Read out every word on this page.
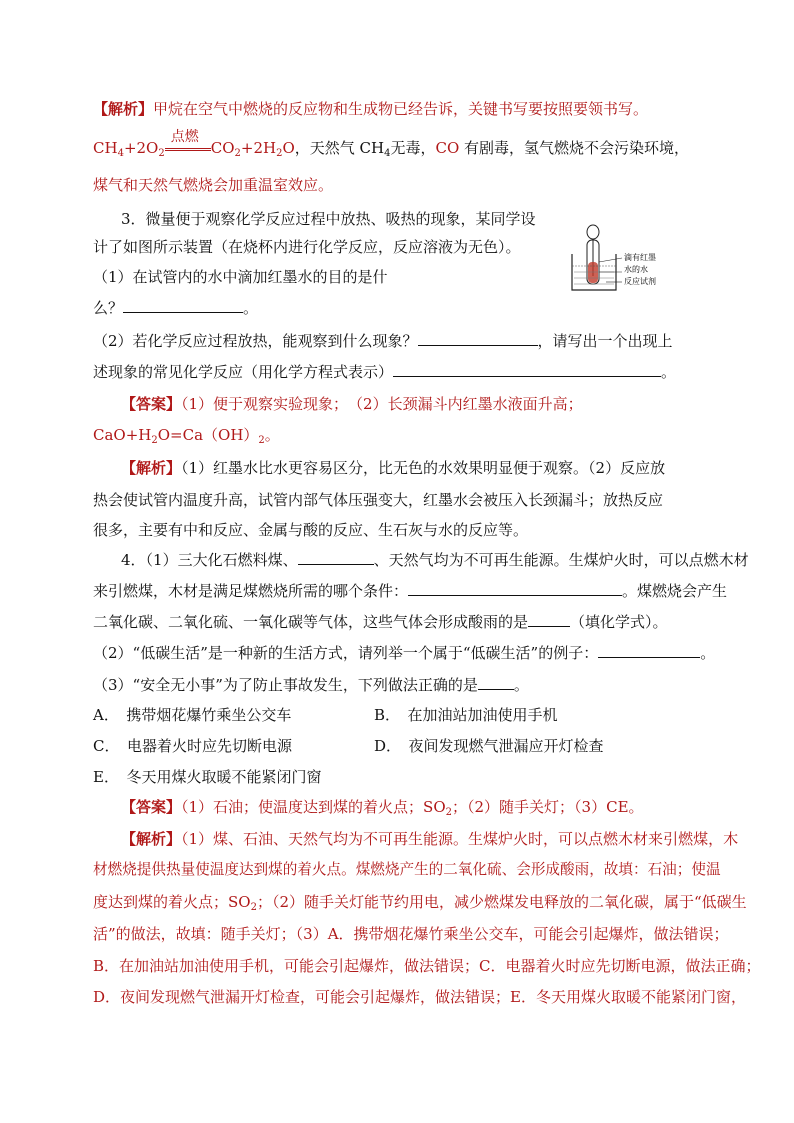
【解析】甲烷在空气中燃烧的反应物和生成物已经告诉，关键书写要按照要领书写。
$CH_4+2O_2$
点燃
$CO_2+2H_2O$，天然气 $CH_4$无毒，CO 有剧毒，氢气燃烧不会污染环境，
煤气和天然气燃烧会加重温室效应。
3．微量便于观察化学反应过程中放热、吸热的现象，某同学设
计了如图所示装置（在烧杯内进行化学反应，反应溶液为无色）。
（1）在试管内的水中滴加红墨水的目的是什
么？	。
滴有红墨
水的水
反应试剂
（2）若化学反应过程放热，能观察到什么现象？	，请写出一个出现上
述现象的常见化学反应（用化学方程式表示）	。
【答案】（1）便于观察实验现象；　（2）长颈漏斗内红墨水液面升高；
$CaO+H_2O=Ca(OH)_2$。
【解析】（1）红墨水比水更容易区分，比无色的水效果明显便于观察。（2）反应放
热会使试管内温度升高，试管内部气体压强变大，红墨水会被压入长颈漏斗；放热反应
很多，主要有中和反应、金属与酸的反应、生石灰与水的反应等。
4．（1）三大化石燃料煤、	、天然气均为不可再生能源。生煤炉火时，可以点燃木材
来引燃煤，木材是满足煤燃烧所需的哪个条件：	。煤燃烧会产生
二氧化碳、二氧化硫、一氧化碳等气体，这些气体会形成酸雨的是	（填化学式）。
（2）“低碳生活”是一种新的生活方式，请列举一个属于“低碳生活”的例子：	。
（3）“安全无小事”为了防止事故发生，下列做法正确的是 。
A．　携带烟花爆竹乘坐公交车	B．　在加油站加油使用手机
C．　电器着火时应先切断电源	D．　夜间发现燃气泄漏应开灯检查
E．　冬天用煤火取暖不能紧闭门窗
【答案】（1）石油；使温度达到煤的着火点；$SO_2$；（2）随手关灯；（3）CE。
【解析】（1）煤、石油、天然气均为不可再生能源。生煤炉火时，可以点燃木材来引燃煤，木
材燃烧提供热量使温度达到煤的着火点。煤燃烧产生的二氧化硫、会形成酸雨，故填：石油；使温
度达到煤的着火点；$SO_2$；（2）随手关灯能节约用电，减少燃煤发电释放的二氧化碳，属于“低碳生
活”的做法，故填：随手关灯；（3）A．携带烟花爆竹乘坐公交车，可能会引起爆炸，做法错误；
B．在加油站加油使用手机，可能会引起爆炸，做法错误；C．电器着火时应先切断电源，做法正确；
D．夜间发现燃气泄漏开灯检查，可能会引起爆炸，做法错误；E．冬天用煤火取暖不能紧闭门窗，
